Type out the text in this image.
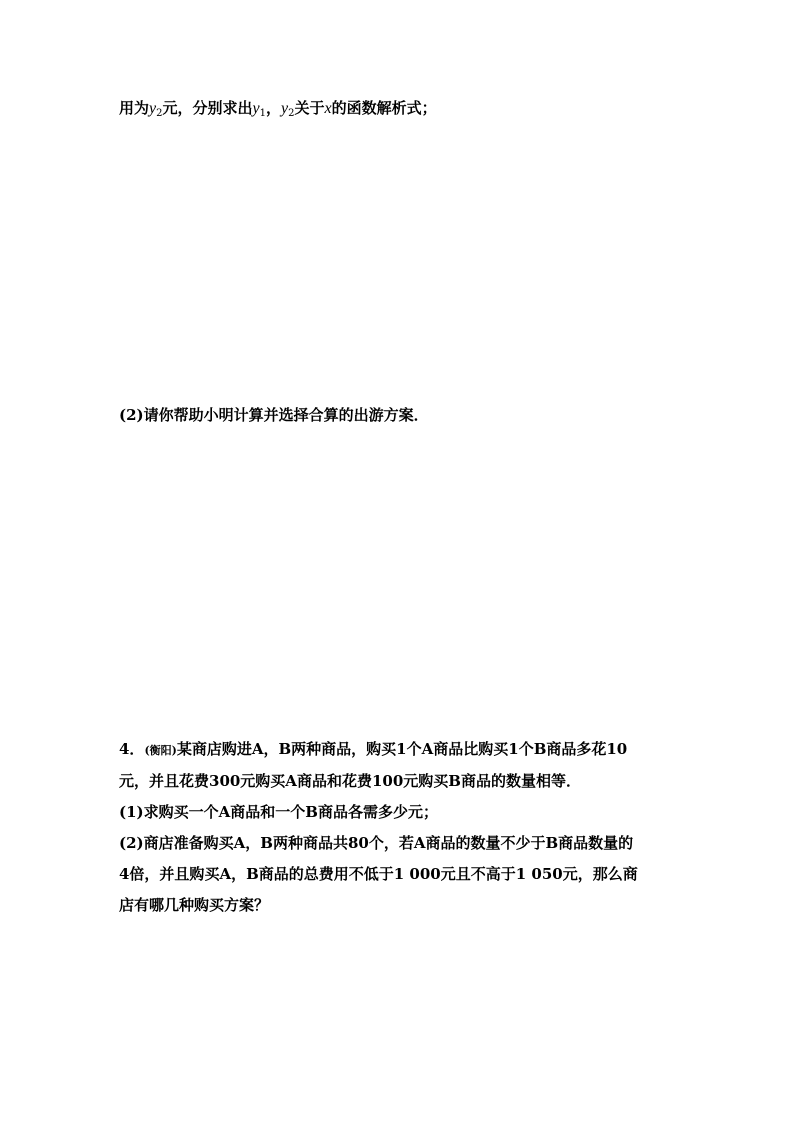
用为$y_2$元，分别求出$y_1$，$y_2$关于x的函数解析式；
(2)请你帮助小明计算并选择合算的出游方案．
4．(衡阳)某商店购进A，B两种商品，购买1个A商品比购买1个B商品多花10
元，并且花费300元购买A商品和花费100元购买B商品的数量相等．
(1)求购买一个A商品和一个B商品各需多少元；
(2)商店准备购买A，B两种商品共80个，若A商品的数量不少于B商品数量的
4倍，并且购买A，B商品的总费用不低于1 000元且不高于1 050元，那么商
店有哪几种购买方案？
